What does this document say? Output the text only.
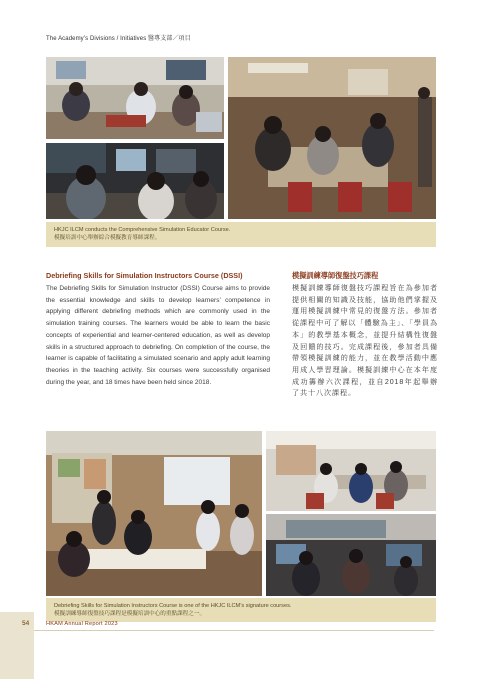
The Academy’s Divisions / Initiatives 醫專支部／項目
HKJC ILCM conducts the Comprehensive Simulation Educator Course.
模擬培訓中心舉辦綜合模擬教育導師課程。
Debriefing Skills for Simulation Instructors Course (DSSI)
The Debriefing Skills for Simulation Instructor (DSSI) Course aims to provide the essential knowledge and skills to develop learners’ competence in applying different debriefing methods which are commonly used in the simulation training courses. The learners would be able to learn the basic concepts of experiential and learner-centered education, as well as develop skills in a structured approach to debriefing. On completion of the course, the learner is capable of facilitating a simulated scenario and apply adult learning theories in the teaching activity. Six courses were successfully organised during the year, and 18 times have been held since 2018.
模擬訓練導師復盤技巧課程
模擬訓練導師復盤技巧課程旨在為參加者提供相關的知識及技能，協助他們掌握及運用模擬訓練中常見的復盤方法。參加者從課程中可了解以「體驗為主」、「學員為本」的教學基本概念，並提升結構性復盤及回饋的技巧。完成課程後，參加者具備帶領模擬訓練的能力，並在教學活動中應用成人學習理論。模擬訓練中心在本年度成功籌辦六次課程，並自2018年起舉辦了共十八次課程。
Debriefing Skills for Simulation Instructors Course is one of the HKJC ILCM’s signature courses.
模擬訓練導師復盤技巧課程是模擬培訓中心的重點課程之一。
54	HKAM Annual Report 2023
